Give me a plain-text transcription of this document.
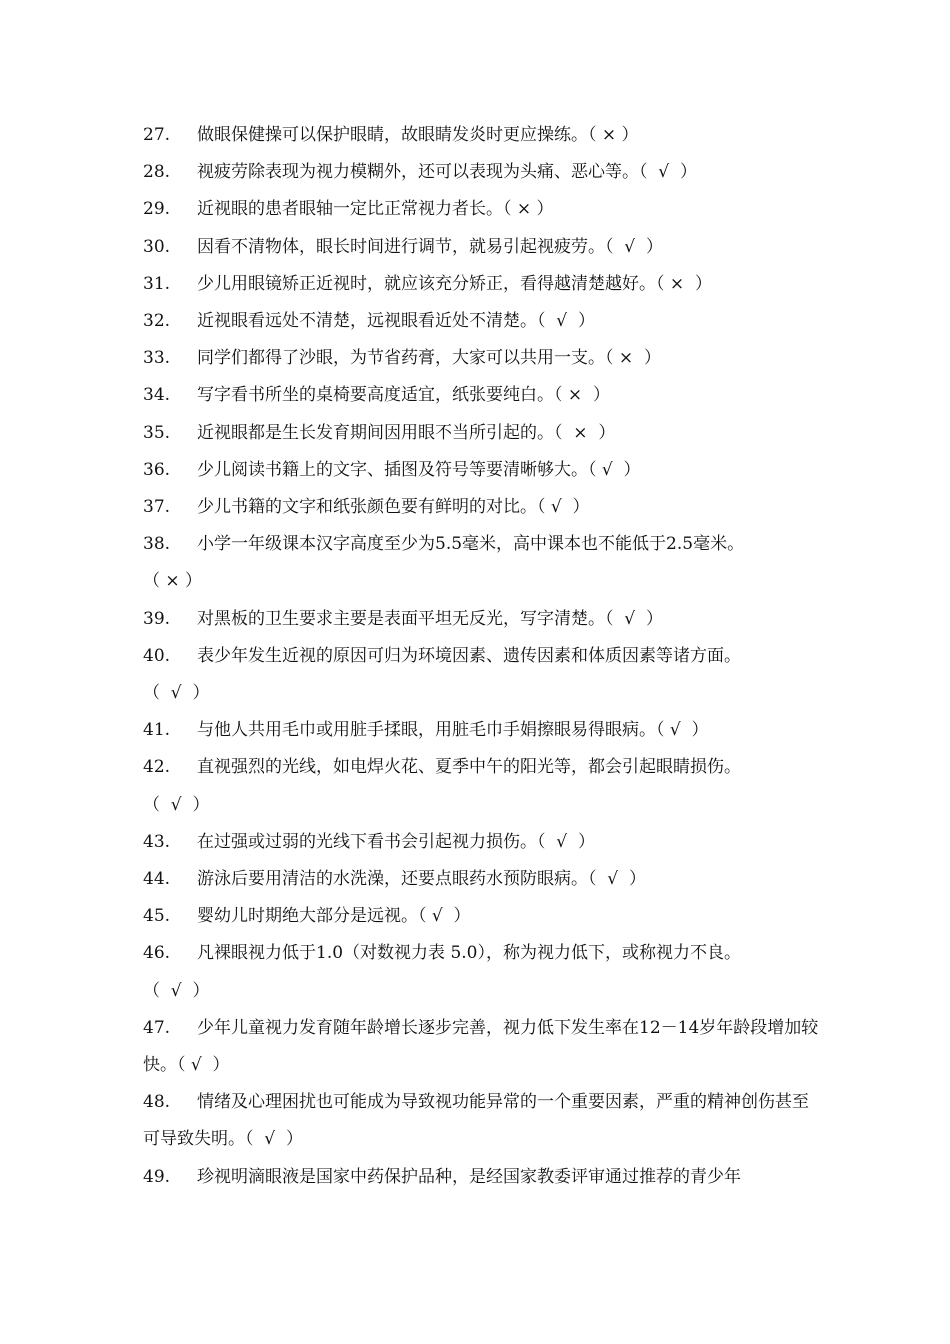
27. 做眼保健操可以保护眼睛，故眼睛发炎时更应操练。（ × ）
28. 视疲劳除表现为视力模糊外，还可以表现为头痛、恶心等。（  √  ）
29. 近视眼的患者眼轴一定比正常视力者长。（ × ）
30. 因看不清物体，眼长时间进行调节，就易引起视疲劳。（  √  ）
31. 少儿用眼镜矫正近视时，就应该充分矫正，看得越清楚越好。（ ×  ）
32. 近视眼看远处不清楚，远视眼看近处不清楚。（  √  ）
33. 同学们都得了沙眼，为节省药膏，大家可以共用一支。（ ×  ）
34. 写字看书所坐的桌椅要高度适宜，纸张要纯白。（ ×  ）
35. 近视眼都是生长发育期间因用眼不当所引起的。（  ×  ）
36. 少儿阅读书籍上的文字、插图及符号等要清晰够大。（ √  ）
37. 少儿书籍的文字和纸张颜色要有鲜明的对比。（ √  ）
38. 小学一年级课本汉字高度至少为5.5毫米，高中课本也不能低于2.5毫米。
（ × ）
39. 对黑板的卫生要求主要是表面平坦无反光，写字清楚。（  √  ）
40. 表少年发生近视的原因可归为环境因素、遗传因素和体质因素等诸方面。
（  √  ）
41. 与他人共用毛巾或用脏手揉眼，用脏毛巾手娟擦眼易得眼病。（ √  ）
42. 直视强烈的光线，如电焊火花、夏季中午的阳光等，都会引起眼睛损伤。
（  √  ）
43. 在过强或过弱的光线下看书会引起视力损伤。（  √  ）
44. 游泳后要用清洁的水洗澡，还要点眼药水预防眼病。（  √  ）
45. 婴幼儿时期绝大部分是远视。（ √  ）
46. 凡裸眼视力低于1.0（对数视力表 5.0），称为视力低下，或称视力不良。
（  √  ）
47. 少年儿童视力发育随年龄增长逐步完善，视力低下发生率在12－14岁年龄段增加较
快。（ √  ）
48. 情绪及心理困扰也可能成为导致视功能异常的一个重要因素，严重的精神创伤甚至
可导致失明。（  √  ）
49. 珍视明滴眼液是国家中药保护品种，是经国家教委评审通过推荐的青少年
